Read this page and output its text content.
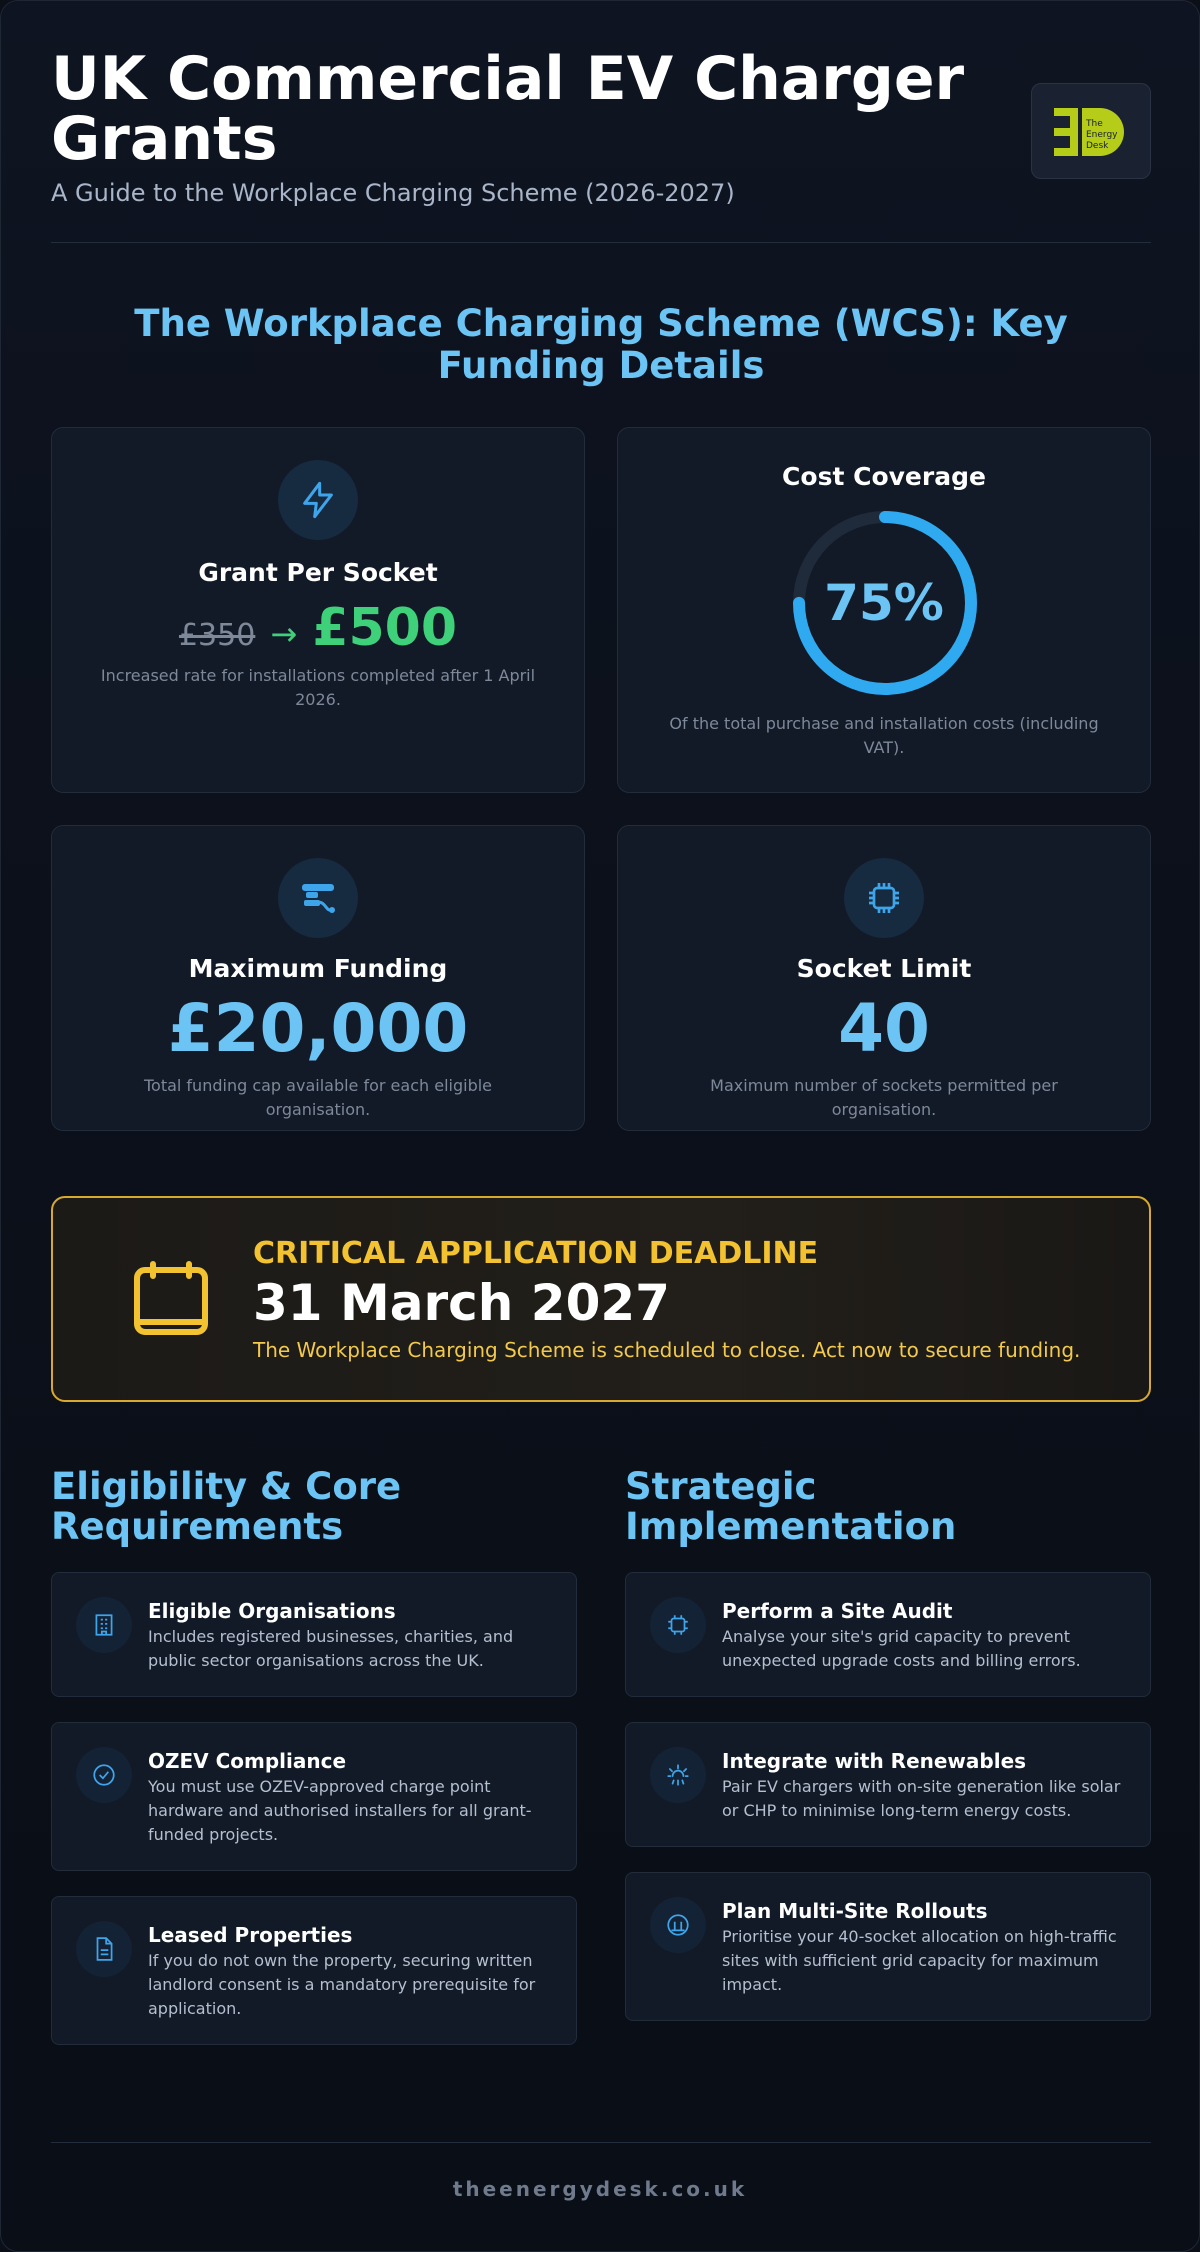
UK Commercial EV Charger Grants
A Guide to the Workplace Charging Scheme (2026-2027)
The
Energy
Desk
The Workplace Charging Scheme (WCS): Key Funding Details
Grant Per Socket
£350 → £500
Increased rate for installations completed after 1 April 2026.
Cost Coverage
75%
Of the total purchase and installation costs (including VAT).
Maximum Funding
£20,000
Total funding cap available for each eligible organisation.
Socket Limit
40
Maximum number of sockets permitted per organisation.
CRITICAL APPLICATION DEADLINE
31 March 2027
The Workplace Charging Scheme is scheduled to close. Act now to secure funding.
Eligibility & Core Requirements
Eligible Organisations
Includes registered businesses, charities, and public sector organisations across the UK.
OZEV Compliance
You must use OZEV-approved charge point hardware and authorised installers for all grant-funded projects.
Leased Properties
If you do not own the property, securing written landlord consent is a mandatory prerequisite for application.
Strategic Implementation
Perform a Site Audit
Analyse your site's grid capacity to prevent unexpected upgrade costs and billing errors.
Integrate with Renewables
Pair EV chargers with on-site generation like solar or CHP to minimise long-term energy costs.
Plan Multi-Site Rollouts
Prioritise your 40-socket allocation on high-traffic sites with sufficient grid capacity for maximum impact.
theenergydesk.co.uk
